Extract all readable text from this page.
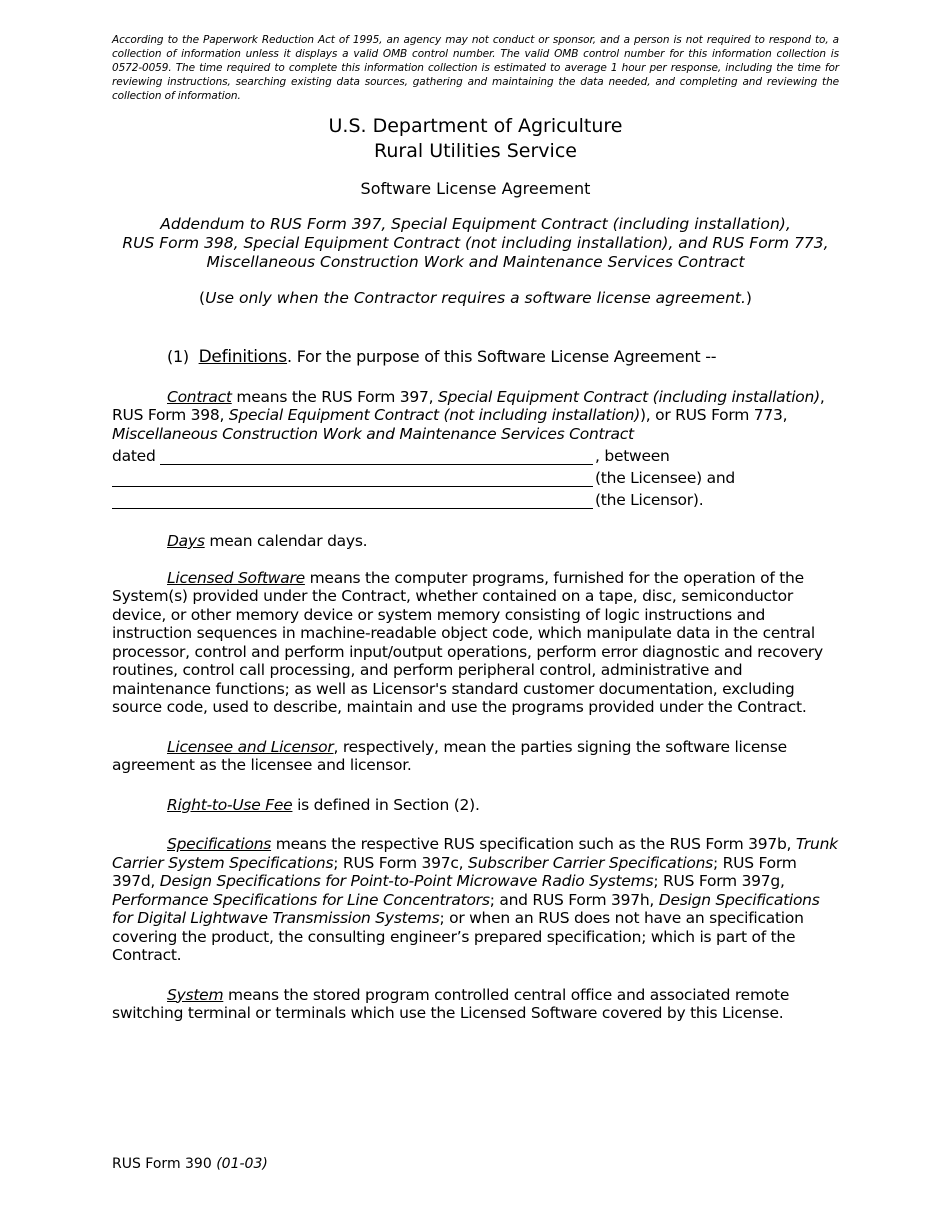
According to the Paperwork Reduction Act of 1995, an agency may not conduct or sponsor, and a person is not required to respond to, a collection of information unless it displays a valid OMB control number. The valid OMB control number for this information collection is 0572-0059. The time required to complete this information collection is estimated to average 1 hour per response, including the time for reviewing instructions, searching existing data sources, gathering and maintaining the data needed, and completing and reviewing the collection of information.
U.S. Department of Agriculture
Rural Utilities Service
Software License Agreement
Addendum to RUS Form 397, Special Equipment Contract (including installation),
RUS Form 398, Special Equipment Contract (not including installation), and RUS Form 773,
Miscellaneous Construction Work and Maintenance Services Contract
(Use only when the Contractor requires a software license agreement.)
(1) Definitions. For the purpose of this Software License Agreement --
Contract means the RUS Form 397, Special Equipment Contract (including installation), RUS Form 398, Special Equipment Contract (not including installation)), or RUS Form 773, Miscellaneous Construction Work and Maintenance Services Contract
dated	, between
(the Licensee) and
(the Licensor).
Days mean calendar days.
Licensed Software means the computer programs, furnished for the operation of the System(s) provided under the Contract, whether contained on a tape, disc, semiconductor device, or other memory device or system memory consisting of logic instructions and instruction sequences in machine-readable object code, which manipulate data in the central processor, control and perform input/output operations, perform error diagnostic and recovery routines, control call processing, and perform peripheral control, administrative and maintenance functions; as well as Licensor's standard customer documentation, excluding source code, used to describe, maintain and use the programs provided under the Contract.
Licensee and Licensor, respectively, mean the parties signing the software license agreement as the licensee and licensor.
Right-to-Use Fee is defined in Section (2).
Specifications means the respective RUS specification such as the RUS Form 397b, Trunk Carrier System Specifications; RUS Form 397c, Subscriber Carrier Specifications; RUS Form 397d, Design Specifications for Point-to-Point Microwave Radio Systems; RUS Form 397g, Performance Specifications for Line Concentrators; and RUS Form 397h, Design Specifications for Digital Lightwave Transmission Systems; or when an RUS does not have an specification covering the product, the consulting engineer’s prepared specification; which is part of the Contract.
System means the stored program controlled central office and associated remote switching terminal or terminals which use the Licensed Software covered by this License.
RUS Form 390 (01-03)
